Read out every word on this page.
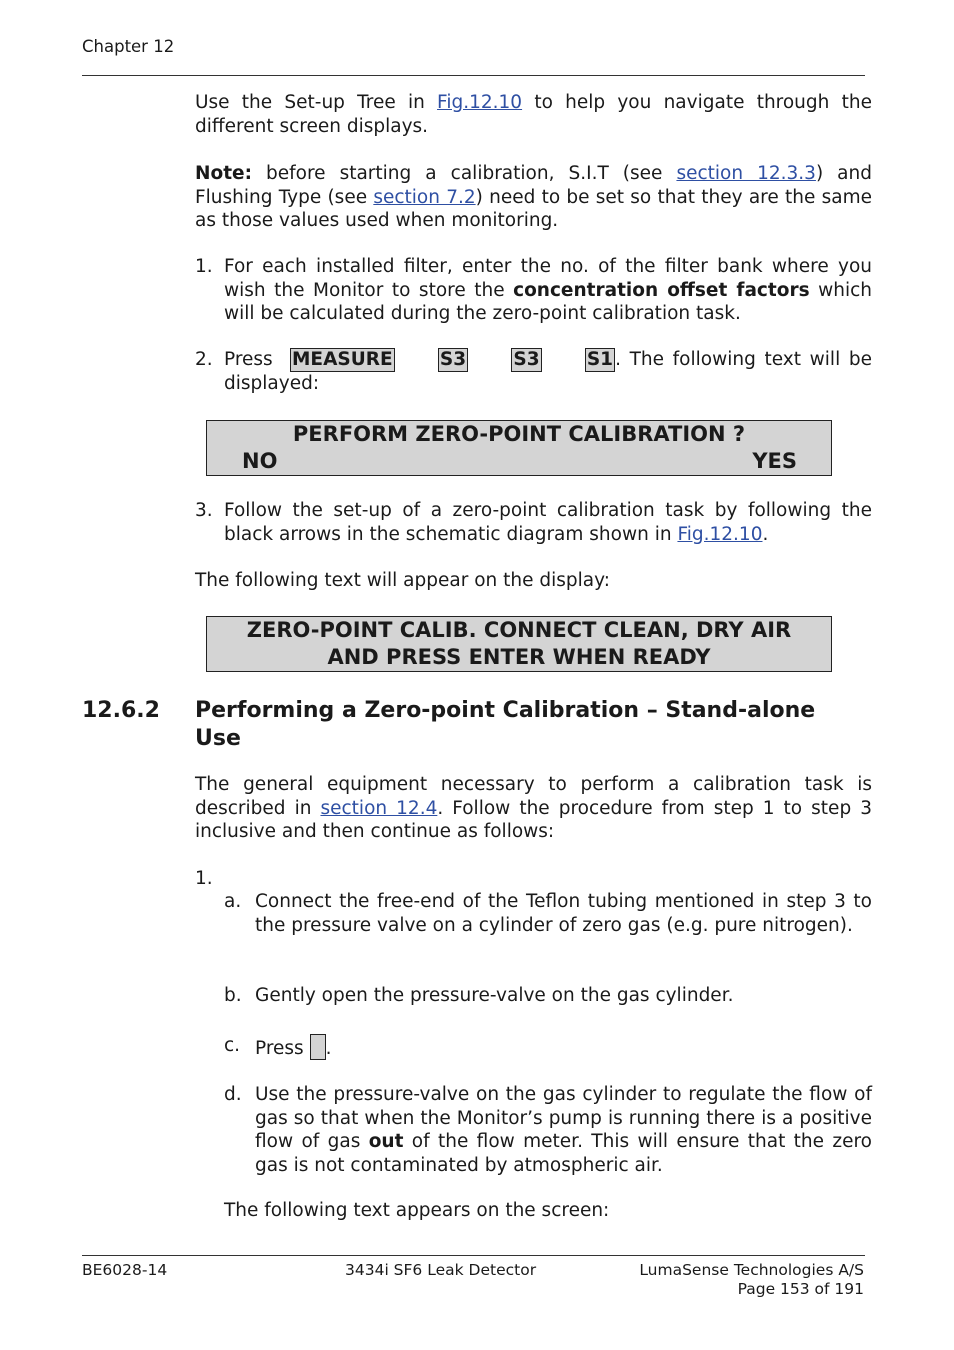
Chapter 12
Use the Set-up Tree in Fig.12.10 to help you navigate through the different screen displays.
Note: before starting a calibration, S.I.T (see section 12.3.3) and Flushing Type (see section 7.2) need to be set so that they are the same as those values used when monitoring.
1. For each installed filter, enter the no. of the filter bank where you wish the Monitor to store the concentration offset factors which will be calculated during the zero-point calibration task.
2. Press  MEASURE	S3	S3	S1 . The following text will be displayed:
PERFORM ZERO-POINT CALIBRATION ?
NO	YES
3. Follow the set-up of a zero-point calibration task by following the black arrows in the schematic diagram shown in Fig.12.10.
The following text will appear on the display:
ZERO-POINT CALIB. CONNECT CLEAN, DRY AIR
AND PRESS ENTER WHEN READY
12.6.2 Performing a Zero-point Calibration – Stand-alone Use
The general equipment necessary to perform a calibration task is described in section 12.4. Follow the procedure from step 1 to step 3 inclusive and then continue as follows:
1.
a. Connect the free-end of the Teflon tubing mentioned in step 3 to the pressure valve on a cylinder of zero gas (e.g. pure nitrogen).
b. Gently open the pressure-valve on the gas cylinder.
c. Press .
d. Use the pressure-valve on the gas cylinder to regulate the flow of gas so that when the Monitor’s pump is running there is a positive flow of gas out of the flow meter. This will ensure that the zero gas is not contaminated by atmospheric air.
The following text appears on the screen:
BE6028-14	3434i SF6 Leak Detector	LumaSense Technologies A/S
Page 153 of 191
